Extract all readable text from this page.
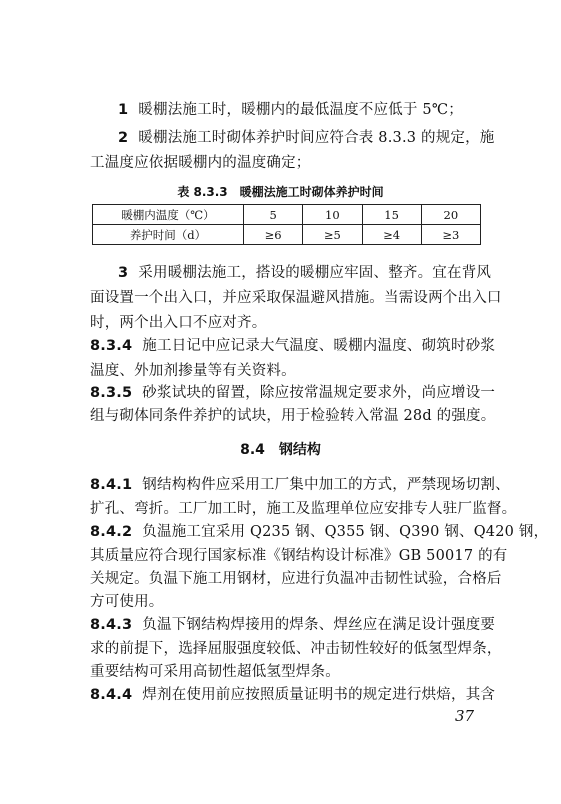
1 暖棚法施工时，暖棚内的最低温度不应低于 5℃；
2 暖棚法施工时砌体养护时间应符合表 8.3.3 的规定，施
工温度应依据暖棚内的温度确定；
表 8.3.3　暖棚法施工时砌体养护时间
暖棚内温度（℃）	5	10	15	20
养护时间（d）	≥6	≥5	≥4	≥3
3 采用暖棚法施工，搭设的暖棚应牢固、整齐。宜在背风
面设置一个出入口，并应采取保温避风措施。当需设两个出入口
时，两个出入口不应对齐。
8.3.4 施工日记中应记录大气温度、暖棚内温度、砌筑时砂浆
温度、外加剂掺量等有关资料。
8.3.5 砂浆试块的留置，除应按常温规定要求外，尚应增设一
组与砌体同条件养护的试块，用于检验转入常温 28d 的强度。
8.4　钢结构
8.4.1 钢结构构件应采用工厂集中加工的方式，严禁现场切割、
扩孔、弯折。工厂加工时，施工及监理单位应安排专人驻厂监督。
8.4.2 负温施工宜采用 Q235 钢、Q355 钢、Q390 钢、Q420 钢，
其质量应符合现行国家标准《钢结构设计标准》GB 50017 的有
关规定。负温下施工用钢材，应进行负温冲击韧性试验，合格后
方可使用。
8.4.3 负温下钢结构焊接用的焊条、焊丝应在满足设计强度要
求的前提下，选择屈服强度较低、冲击韧性较好的低氢型焊条，
重要结构可采用高韧性超低氢型焊条。
8.4.4 焊剂在使用前应按照质量证明书的规定进行烘焙，其含
37
